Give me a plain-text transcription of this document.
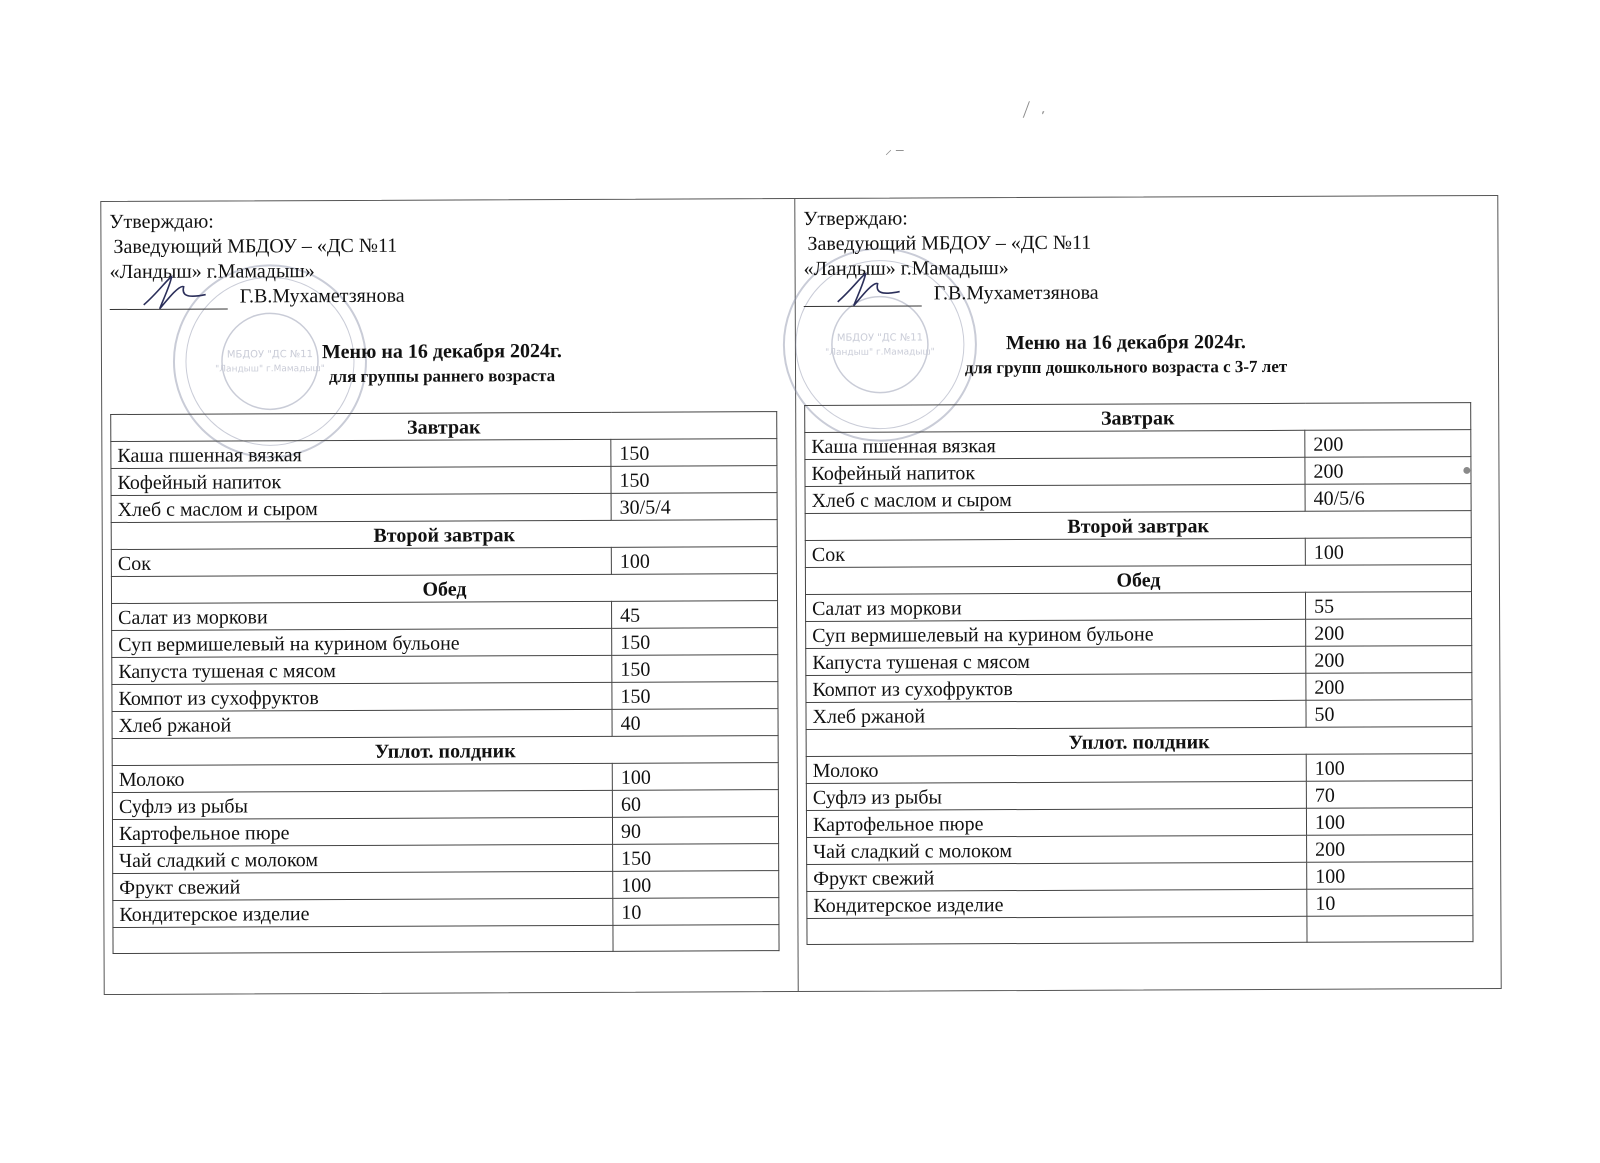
⟋ ˏ
⸝ –
●
МБДОУ "ДС №11
"Ландыш" г.Мамадыш"
Утверждаю:
Заведующий МБДОУ – «ДС №11
«Ландыш» г.Мамадыш»
Г.В.Мухаметзянова
Меню на 16 декабря 2024г.
для группы раннего возраста
Завтрак	
Каша пшенная вязкая	150
Кофейный напиток	150
Хлеб с маслом и сыром	30/5/4
Второй завтрак	
Сок	100
Обед	
Салат из моркови	45
Суп вермишелевый на курином бульоне	150
Капуста тушеная с мясом	150
Компот из сухофруктов	150
Хлеб ржаной	40
Уплот. полдник	
Молоко	100
Суфлэ из рыбы	60
Картофельное пюре	90
Чай сладкий с молоком	150
Фрукт свежий	100
Кондитерское изделие	10

МБДОУ "ДС №11
"Ландыш" г.Мамадыш"
Утверждаю:
Заведующий МБДОУ – «ДС №11
«Ландыш» г.Мамадыш»
Г.В.Мухаметзянова
Меню на 16 декабря 2024г.
для групп дошкольного возраста с 3-7 лет
Завтрак	
Каша пшенная вязкая	200
Кофейный напиток	200
Хлеб с маслом и сыром	40/5/6
Второй завтрак	
Сок	100
Обед	
Салат из моркови	55
Суп вермишелевый на курином бульоне	200
Капуста тушеная с мясом	200
Компот из сухофруктов	200
Хлеб ржаной	50
Уплот. полдник	
Молоко	100
Суфлэ из рыбы	70
Картофельное пюре	100
Чай сладкий с молоком	200
Фрукт свежий	100
Кондитерское изделие	10
